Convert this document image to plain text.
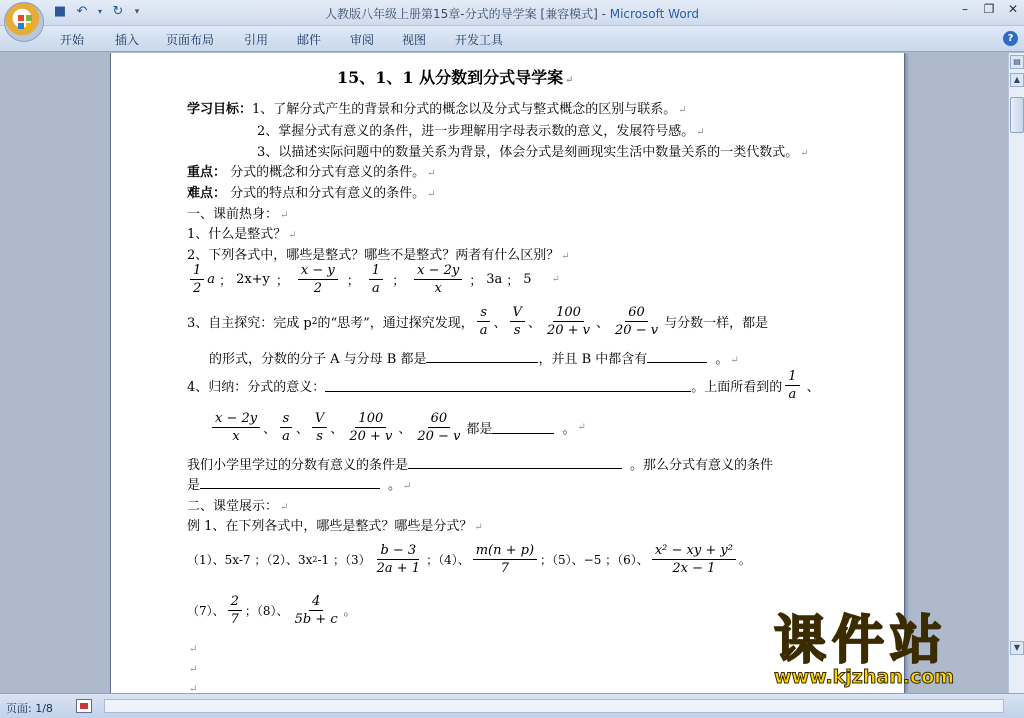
■ ↶	▾ ↻	▾	人教版八年级上册第15章-分式的导学案 [兼容模式] - Microsoft Word	–	❐ ✕
开始	插入 页面布局 引用 邮件 审阅 视图 开发工具	?
15、1、1 从分数到分式导学案 ↵
学习目标：1、了解分式产生的背景和分式的概念以及分式与整式概念的区别与联系。 ↵
2、掌握分式有意义的条件，进一步理解用字母表示数的意义，发展符号感。 ↵
3、以描述实际问题中的数量关系为背景，体会分式是刻画现实生活中数量关系的一类代数式。 ↵
重点： 分式的概念和分式有意义的条件。 ↵
难点： 分式的特点和分式有意义的条件。 ↵
一、课前热身： ↵
1、什么是整式？ ↵
2、下列各式中，哪些是整式？哪些不是整式？两者有什么区别？ ↵
$\frac{1}{2}$ a ； 2x+y ； $\frac{x - y}{2}$ ； $\frac{1}{a}$ ； $\frac{x - 2y}{x}$ ； 3a ； 5 ↵
3、自主探究：完成 p 2 的“思考”，通过探究发现， $\frac{s}{a}$ 、 $\frac{V}{s}$ 、 $\frac{100}{20 + v}$ 、 $\frac{60}{20 - v}$ 与分数一样，都是
的形式，分数的分子 A 与分母 B 都是	，并且 B 中都含有	。 ↵
4、归纳：分式的意义：	。上面所看到的 $\frac{1}{a}$ 、
$\frac{x - 2y}{x}$ 、 $\frac{s}{a}$ 、 $\frac{V}{s}$ 、 $\frac{100}{20 + v}$ 、 $\frac{60}{20 - v}$ 都是	。 ↵
我们小学里学过的分数有意义的条件是	。那么分式有意义的条件
是	。 ↵
二、课堂展示： ↵
例 1、在下列各式中，哪些是整式？哪些是分式？ ↵
（1）、5x-7 ；（2）、3x 2 -1 ；$(3) \frac{b - 3}{2a + 1}$ ；（4）、 $\frac{m(n + p)}{7}$ ；（5）、−5 ；（6）、 $\frac{\text{x² − xy + y²}}{2x - 1}$ 。
（7）、 $\frac{2}{7}$ ；（8）、 $\frac{4}{5b + c}$ 。
↵
↵
↵
▤
▲
▼
页面: 1/8
课件站
www.kjzhan.com
